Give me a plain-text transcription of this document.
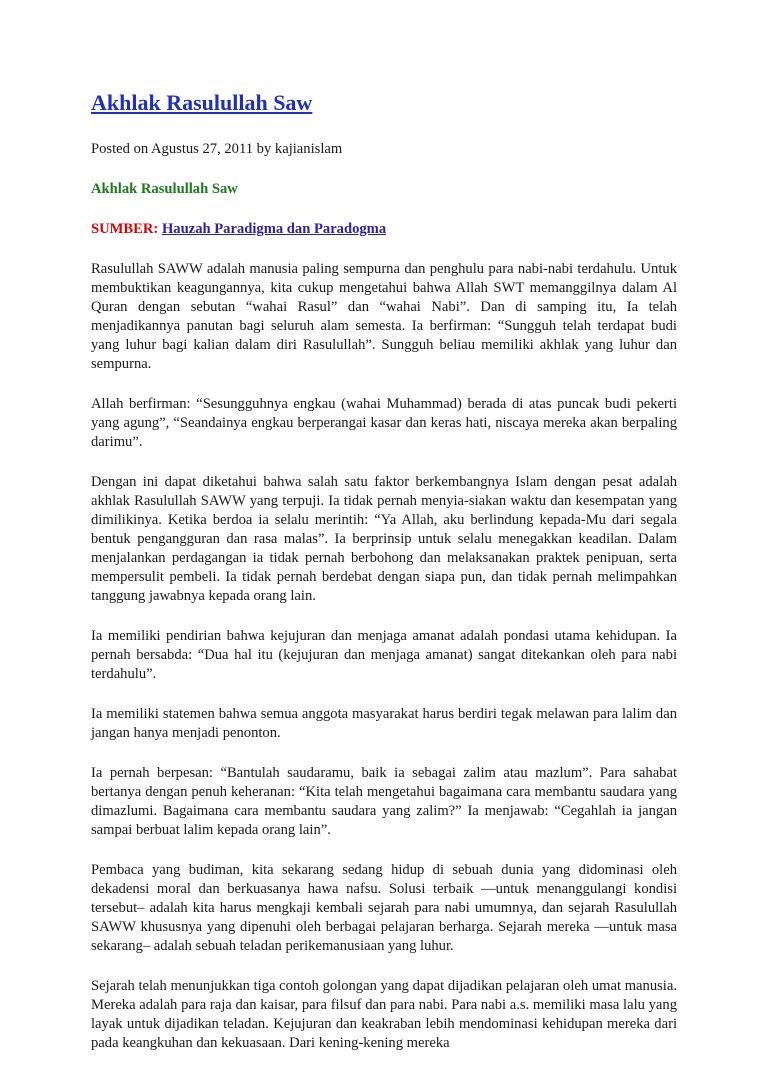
Akhlak Rasulullah Saw
Posted on Agustus 27, 2011 by kajianislam
Akhlak Rasulullah Saw
SUMBER: Hauzah Paradigma dan Paradogma

Rasulullah SAWW adalah manusia paling sempurna dan penghulu para nabi-nabi terdahulu. Untuk membuktikan keagungannya, kita cukup mengetahui bahwa Allah SWT memanggilnya dalam Al Quran dengan sebutan “wahai Rasul” dan “wahai Nabi”. Dan di samping itu, Ia telah menjadikannya panutan bagi seluruh alam semesta. Ia berfirman: “Sungguh telah terdapat budi yang luhur bagi kalian dalam diri Rasulullah”. Sungguh beliau memiliki akhlak yang luhur dan sempurna.

Allah berfirman: “Sesungguhnya engkau (wahai Muhammad) berada di atas puncak budi pekerti yang agung”, “Seandainya engkau berperangai kasar dan keras hati, niscaya mereka akan berpaling darimu”.

Dengan ini dapat diketahui bahwa salah satu faktor berkembangnya Islam dengan pesat adalah akhlak Rasulullah SAWW yang terpuji. Ia tidak pernah menyia-siakan waktu dan kesempatan yang dimilikinya. Ketika berdoa ia selalu merintih: “Ya Allah, aku berlindung kepada-Mu dari segala bentuk pengangguran dan rasa malas”. Ia berprinsip untuk selalu menegakkan keadilan. Dalam menjalankan perdagangan ia tidak pernah berbohong dan melaksanakan praktek penipuan, serta mempersulit pembeli. Ia tidak pernah berdebat dengan siapa pun, dan tidak pernah melimpahkan tanggung jawabnya kepada orang lain.

Ia memiliki pendirian bahwa kejujuran dan menjaga amanat adalah pondasi utama kehidupan. Ia pernah bersabda: “Dua hal itu (kejujuran dan menjaga amanat) sangat ditekankan oleh para nabi terdahulu”.

Ia memiliki statemen bahwa semua anggota masyarakat harus berdiri tegak melawan para lalim dan jangan hanya menjadi penonton.

Ia pernah berpesan: “Bantulah saudaramu, baik ia sebagai zalim atau mazlum”. Para sahabat bertanya dengan penuh keheranan: “Kita telah mengetahui bagaimana cara membantu saudara yang dimazlumi. Bagaimana cara membantu saudara yang zalim?” Ia menjawab: “Cegahlah ia jangan sampai berbuat lalim kepada orang lain”.

Pembaca yang budiman, kita sekarang sedang hidup di sebuah dunia yang didominasi oleh dekadensi moral dan berkuasanya hawa nafsu. Solusi terbaik —untuk menanggulangi kondisi tersebut– adalah kita harus mengkaji kembali sejarah para nabi umumnya, dan sejarah Rasulullah SAWW khususnya yang dipenuhi oleh berbagai pelajaran berharga. Sejarah mereka —untuk masa sekarang– adalah sebuah teladan perikemanusiaan yang luhur.

Sejarah telah menunjukkan tiga contoh golongan yang dapat dijadikan pelajaran oleh umat manusia. Mereka adalah para raja dan kaisar, para filsuf dan para nabi. Para nabi a.s. memiliki masa lalu yang layak untuk dijadikan teladan. Kejujuran dan keakraban lebih mendominasi kehidupan mereka dari pada keangkuhan dan kekuasaan. Dari kening-kening mereka
